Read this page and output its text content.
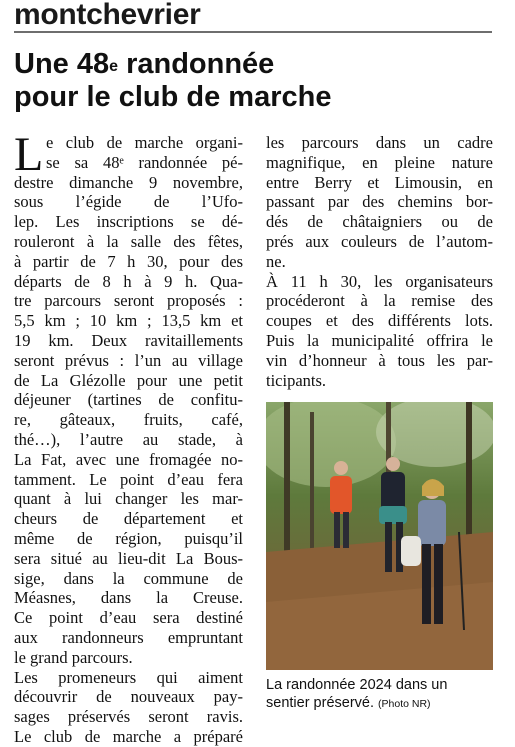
montchevrier
Une 48e randonnée
pour le club de marche
L e club de marche organi-
se sa 48ᵉ randonnée pé-
destre dimanche 9 novembre,
sous l’égide de l’Ufo-
lep. Les inscriptions se dé-
rouleront à la salle des fêtes,
à partir de 7 h 30, pour des
départs de 8 h à 9 h. Qua-
tre parcours seront proposés :
5,5 km ; 10 km ; 13,5 km et
19 km. Deux ravitaillements
seront prévus : l’un au village
de La Glézolle pour une petit
déjeuner (tartines de confitu-
re, gâteaux, fruits, café,
thé…), l’autre au stade, à
La Fat, avec une fromagée no-
tamment. Le point d’eau fera
quant à lui changer les mar-
cheurs de département et
même de région, puisqu’il
sera situé au lieu-dit La Bous-
sige, dans la commune de
Méasnes, dans la Creuse.
Ce point d’eau sera destiné
aux randonneurs empruntant
le grand parcours.
Les promeneurs qui aiment
découvrir de nouveaux pay-
sages préservés seront ravis.
Le club de marche a préparé
les parcours dans un cadre
magnifique, en pleine nature
entre Berry et Limousin, en
passant par des chemins bor-
dés de châtaigniers ou de
prés aux couleurs de l’autom-
ne.
À 11 h 30, les organisateurs
procéderont à la remise des
coupes et des différents lots.
Puis la municipalité offrira le
vin d’honneur à tous les par-
ticipants.
La randonnée 2024 dans un
sentier préservé. (Photo NR)
